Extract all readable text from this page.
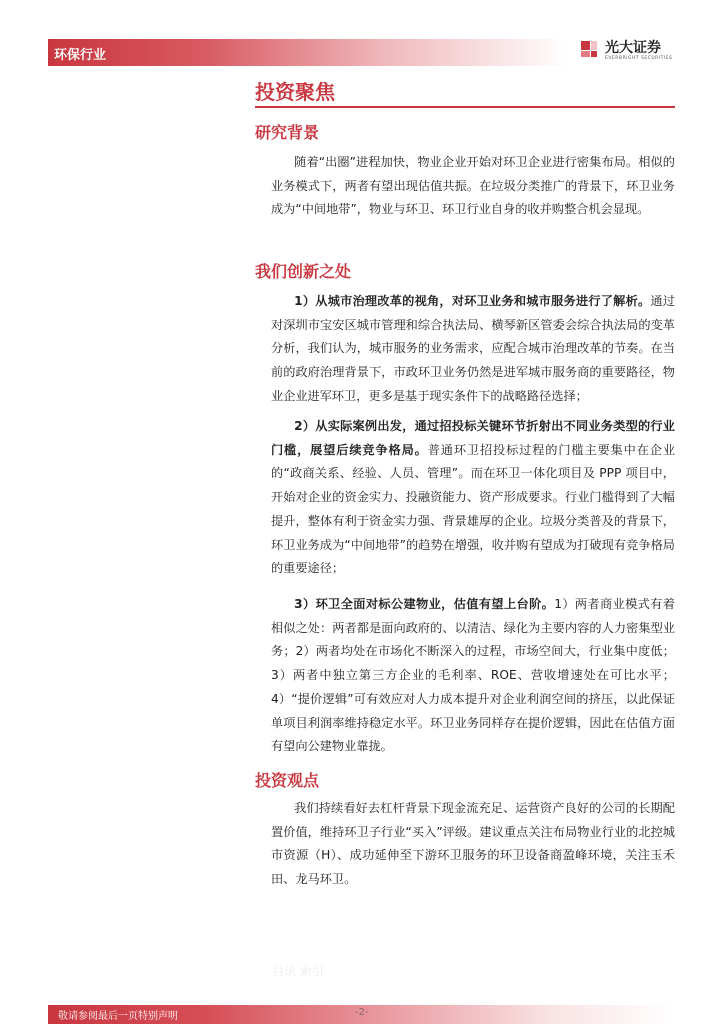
环保行业	光大证券
EVERBRIGHT SECURITIES
投资聚焦
研究背景

随着“出圈”进程加快，物业企业开始对环卫企业进行密集布局。相似的业务模式下，两者有望出现估值共振。在垃圾分类推广的背景下，环卫业务成为“中间地带”，物业与环卫、环卫行业自身的收并购整合机会显现。

我们创新之处

1）从城市治理改革的视角，对环卫业务和城市服务进行了解析。通过对深圳市宝安区城市管理和综合执法局、横琴新区管委会综合执法局的变革分析，我们认为，城市服务的业务需求，应配合城市治理改革的节奏。在当前的政府治理背景下，市政环卫业务仍然是进军城市服务商的重要路径，物业企业进军环卫，更多是基于现实条件下的战略路径选择；

2）从实际案例出发，通过招投标关键环节折射出不同业务类型的行业门槛，展望后续竞争格局。普通环卫招投标过程的门槛主要集中在企业的“政商关系、经验、人员、管理”。而在环卫一体化项目及 PPP 项目中，开始对企业的资金实力、投融资能力、资产形成要求。行业门槛得到了大幅提升，整体有利于资金实力强、背景雄厚的企业。垃圾分类普及的背景下，环卫业务成为“中间地带”的趋势在增强，收并购有望成为打破现有竞争格局的重要途径；

3）环卫全面对标公建物业，估值有望上台阶。1）两者商业模式有着相似之处：两者都是面向政府的、以清洁、绿化为主要内容的人力密集型业务；2）两者均处在市场化不断深入的过程，市场空间大，行业集中度低；3）两者中独立第三方企业的毛利率、ROE、营收增速处在可比水平；4）“提价逻辑”可有效应对人力成本提升对企业利润空间的挤压，以此保证单项目利润率维持稳定水平。环卫业务同样存在提价逻辑，因此在估值方面有望向公建物业靠拢。

投资观点

我们持续看好去杠杆背景下现金流充足、运营资产良好的公司的长期配置价值，维持环卫子行业“买入”评级。建议重点关注布局物业行业的北控城市资源（H）、成功延伸至下游环卫服务的环卫设备商盈峰环境，关注玉禾田、龙马环卫。

目录 索引
敬请参阅最后一页特别声明	-2-
